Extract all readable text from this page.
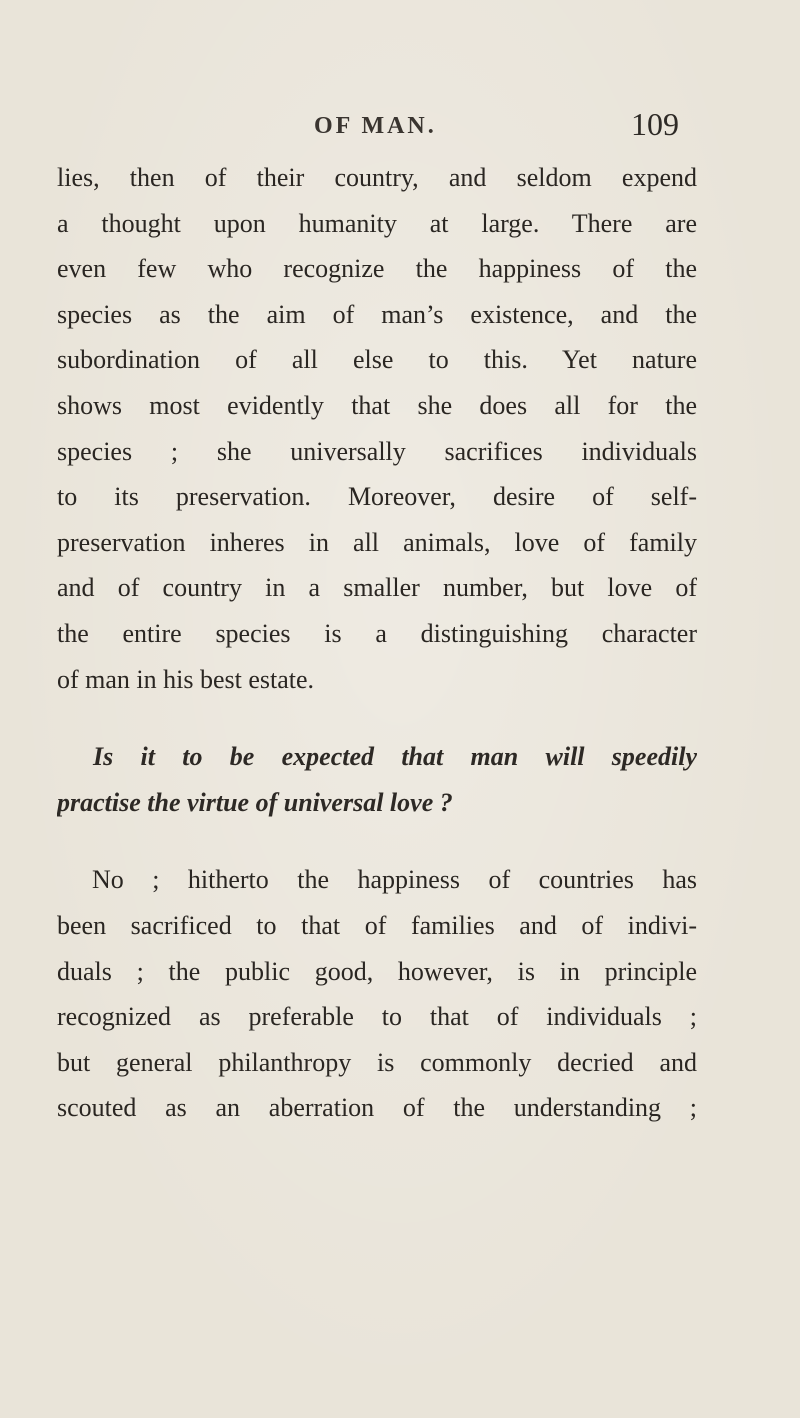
OF MAN.	109
lies, then of their country, and seldom expend
a thought upon humanity at large. There are
even few who recognize the happiness of the
species as the aim of man’s existence, and the
subordination of all else to this. Yet nature
shows most evidently that she does all for the
species ; she universally sacrifices individuals
to its preservation. Moreover, desire of self-
preservation inheres in all animals, love of family
and of country in a smaller number, but love of
the entire species is a distinguishing character
of man in his best estate.
Is it to be expected that man will speedily
practise the virtue of universal love ?
No ; hitherto the happiness of countries has
been sacrificed to that of families and of indivi-
duals ; the public good, however, is in principle
recognized as preferable to that of individuals ;
but general philanthropy is commonly decried and
scouted as an aberration of the understanding ;
